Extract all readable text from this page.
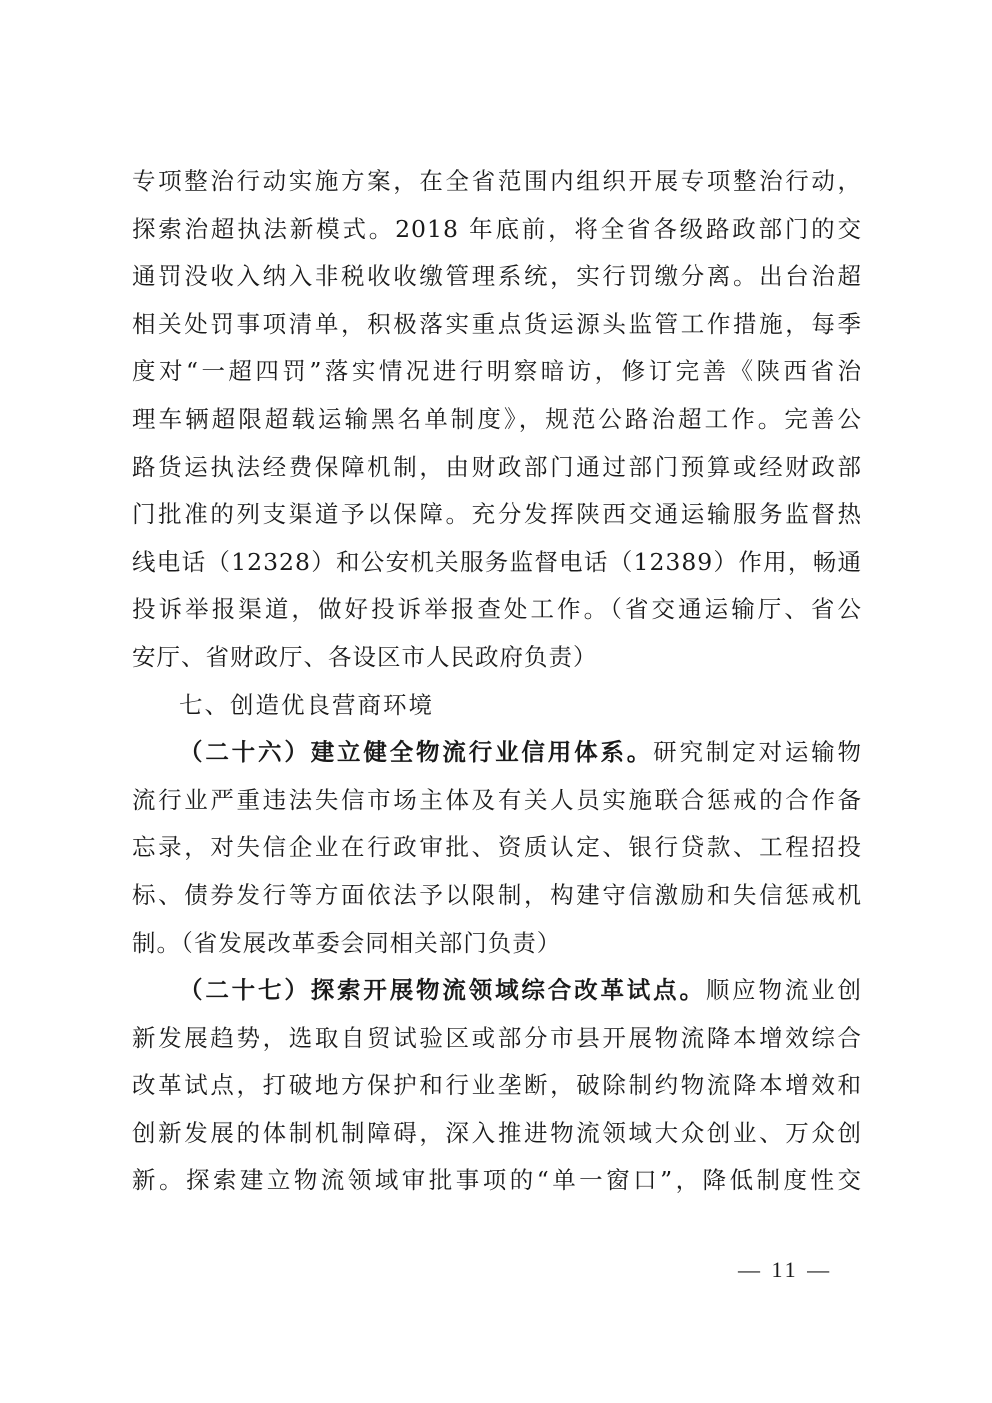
专项整治行动实施方案，在全省范围内组织开展专项整治行动，
探索治超执法新模式。2018 年底前，将全省各级路政部门的交
通罚没收入纳入非税收收缴管理系统，实行罚缴分离。出台治超
相关处罚事项清单，积极落实重点货运源头监管工作措施，每季
度对“一超四罚”落实情况进行明察暗访，修订完善《陕西省治
理车辆超限超载运输黑名单制度》，规范公路治超工作。完善公
路货运执法经费保障机制，由财政部门通过部门预算或经财政部
门批准的列支渠道予以保障。充分发挥陕西交通运输服务监督热
线电话（12328）和公安机关服务监督电话（12389）作用，畅通
投诉举报渠道，做好投诉举报查处工作。（省交通运输厅、省公
安厅、省财政厅、各设区市人民政府负责）
七、创造优良营商环境
（二十六）建立健全物流行业信用体系。研究制定对运输物
流行业严重违法失信市场主体及有关人员实施联合惩戒的合作备
忘录，对失信企业在行政审批、资质认定、银行贷款、工程招投
标、债券发行等方面依法予以限制，构建守信激励和失信惩戒机
制。（省发展改革委会同相关部门负责）
（二十七）探索开展物流领域综合改革试点。顺应物流业创
新发展趋势，选取自贸试验区或部分市县开展物流降本增效综合
改革试点，打破地方保护和行业垄断，破除制约物流降本增效和
创新发展的体制机制障碍，深入推进物流领域大众创业、万众创
新。探索建立物流领域审批事项的“单一窗口”，降低制度性交
— 11 —
